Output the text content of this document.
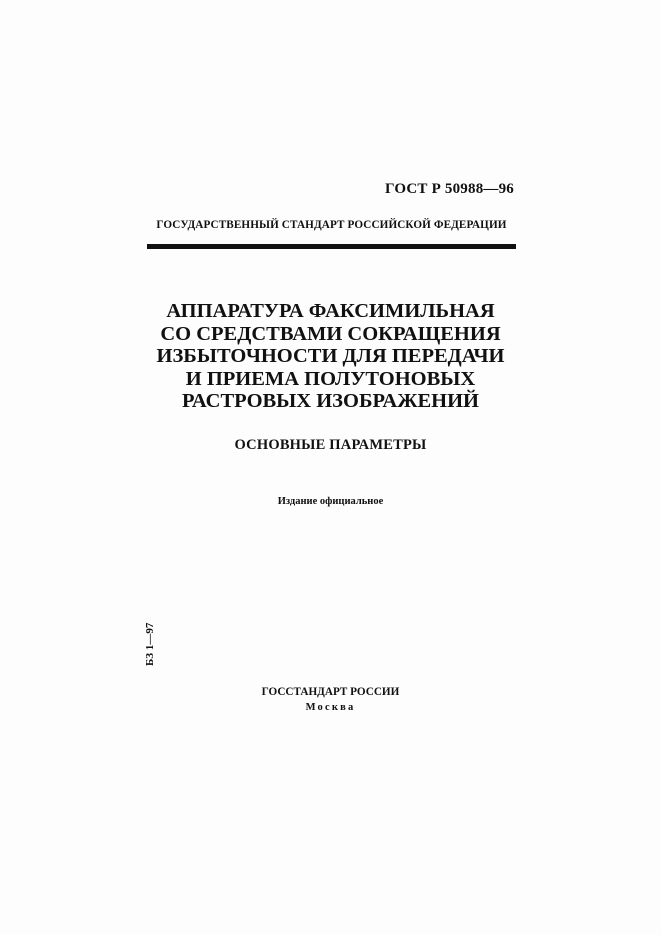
ГОСТ Р 50988—96
ГОСУДАРСТВЕННЫЙ СТАНДАРТ РОССИЙСКОЙ ФЕДЕРАЦИИ
АППАРАТУРА ФАКСИМИЛЬНАЯ
СО СРЕДСТВАМИ СОКРАЩЕНИЯ
ИЗБЫТОЧНОСТИ ДЛЯ ПЕРЕДАЧИ
И ПРИЕМА ПОЛУТОНОВЫХ
РАСТРОВЫХ ИЗОБРАЖЕНИЙ
ОСНОВНЫЕ ПАРАМЕТРЫ
Издание официальное
БЗ 1—97
ГОССТАНДАРТ РОССИИ
Москва
